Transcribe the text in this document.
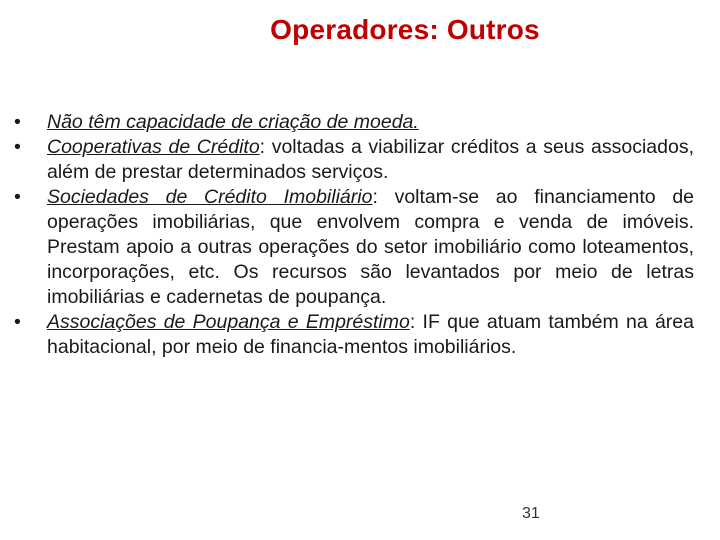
Operadores: Outros
•	Não têm capacidade de criação de moeda.
•	Cooperativas de Crédito: voltadas a viabilizar créditos a seus associados, além de prestar determinados serviços.
•	Sociedades de Crédito Imobiliário: voltam-se ao financiamento de operações imobiliárias, que envolvem compra e venda de imóveis. Prestam apoio a outras operações do setor imobiliário como loteamentos, incorporações, etc. Os recursos são levantados por meio de letras imobiliárias e cadernetas de poupança.
•	Associações de Poupança e Empréstimo: IF que atuam também na área habitacional, por meio de financia-mentos imobiliários.
31
